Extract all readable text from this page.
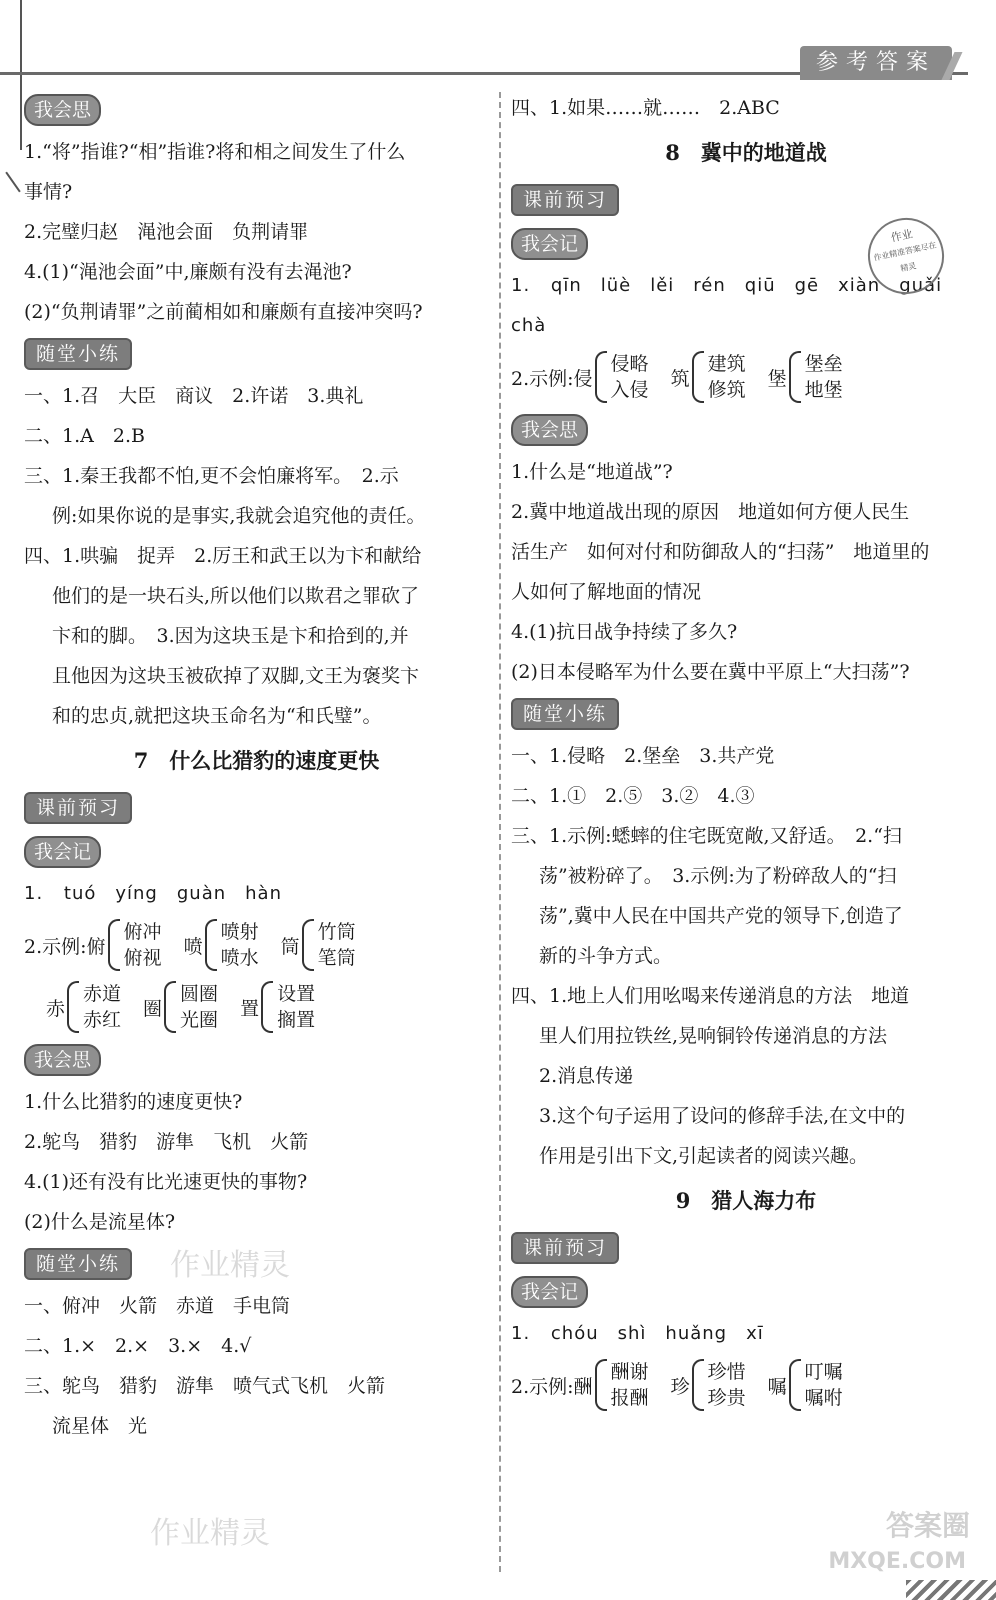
参考答案
我会思
1.“将”指谁?“相”指谁?将和相之间发生了什么
事情?
2.完璧归赵　渑池会面　负荆请罪
4.(1)“渑池会面”中,廉颇有没有去渑池?
(2)“负荆请罪”之前蔺相如和廉颇有直接冲突吗?
随堂小练
一、1.召　大臣　商议　2.许诺　3.典礼
二、1.A　2.B
三、1.秦王我都不怕,更不会怕廉将军。　2.示
例:如果你说的是事实,我就会追究他的责任。
四、1.哄骗　捉弄　2.厉王和武王以为卞和献给
他们的是一块石头,所以他们以欺君之罪砍了
卞和的脚。　3.因为这块玉是卞和拾到的,并
且他因为这块玉被砍掉了双脚,文王为褒奖卞
和的忠贞,就把这块玉命名为“和氏璧”。
7　什么比猎豹的速度更快
课前预习
我会记
1. tuó　yíng　guàn　hàn
2.示例: 俯
俯冲
俯视
喷
喷射
喷水
筒
竹筒
笔筒
赤
赤道
赤红
圈
圆圈
光圈
置
设置
搁置
我会思
1.什么比猎豹的速度更快?
2.鸵鸟　猎豹　游隼　飞机　火箭
4.(1)还有没有比光速更快的事物?
(2)什么是流星体?
随堂小练
一、俯冲　火箭　赤道　手电筒
二、1.×　2.×　3.×　4.√
三、鸵鸟　猎豹　游隼　喷气式飞机　火箭
流星体　光
四、1.如果……就……　2.ABC
8　冀中的地道战
课前预习
我会记
1. qīn　lüè　lěi　rén　qiū　gē　xiàn　guǎi
chà
2.示例: 侵
侵略
入侵
筑
建筑
修筑
堡
堡垒
地堡
我会思
1.什么是“地道战”?
2.冀中地道战出现的原因　地道如何方便人民生
活生产　如何对付和防御敌人的“扫荡”　地道里的
人如何了解地面的情况
4.(1)抗日战争持续了多久?
(2)日本侵略军为什么要在冀中平原上“大扫荡”?
随堂小练
一、1.侵略　2.堡垒　3.共产党
二、1.①　2.⑤　3.②　4.③
三、1.示例:蟋蟀的住宅既宽敞,又舒适。　2.“扫
荡”被粉碎了。　3.示例:为了粉碎敌人的“扫
荡”,冀中人民在中国共产党的领导下,创造了
新的斗争方式。
四、1.地上人们用吆喝来传递消息的方法　地道
里人们用拉铁丝,晃响铜铃传递消息的方法
2.消息传递
3.这个句子运用了设问的修辞手法,在文中的
作用是引出下文,引起读者的阅读兴趣。
9　猎人海力布
课前预习
我会记
1. chóu　shì　huǎng　xī
2.示例: 酬
酬谢
报酬
珍
珍惜
珍贵
嘱
叮嘱
嘱咐
作业
作业精准答案尽在
精灵
作业精灵
作业精灵	答案圈
MXQE.COM
